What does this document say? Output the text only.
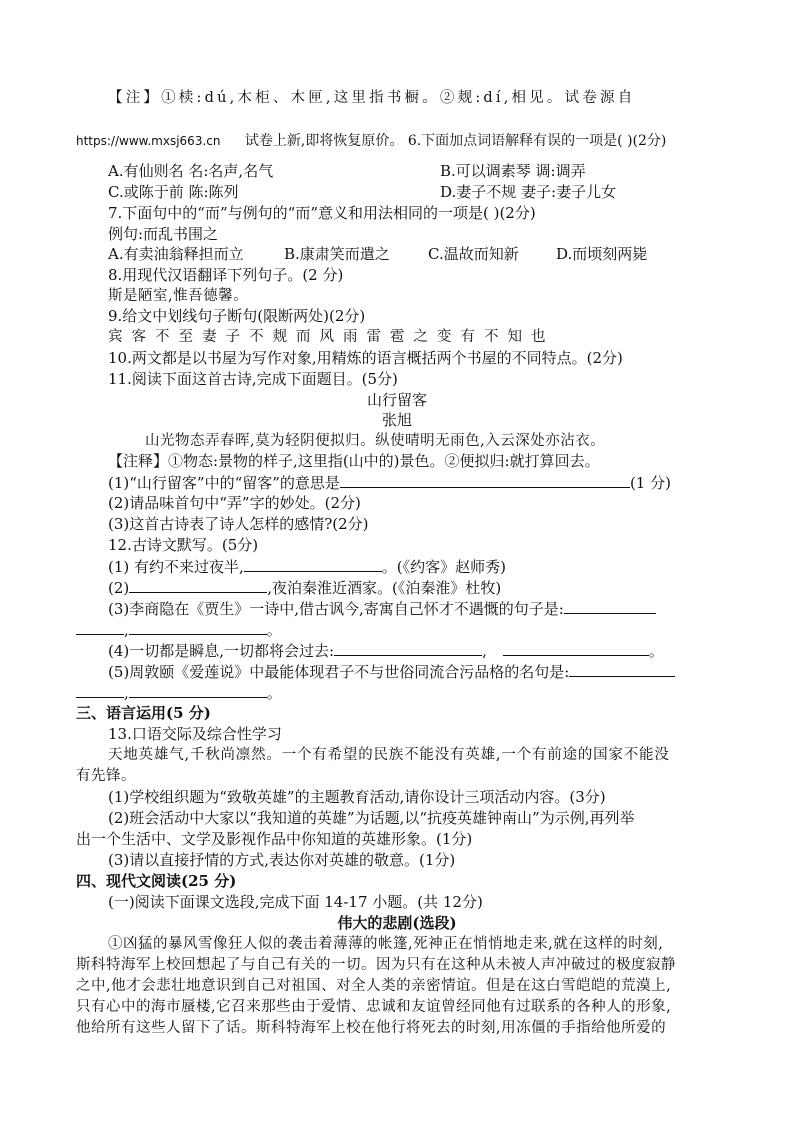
【注】①椟:dú,木柜、木匣,这里指书橱。②觌:dí,相见。试卷源自
https://www.mxsj663.cn 试卷上新,即将恢复原价。 6.下面加点词语解释有误的一项是( )(2分)
A.有仙则名 名:名声,名气	B.可以调素琴 调:调弄
C.或陈于前 陈:陈列	D.妻子不规 妻子:妻子儿女
7.下面句中的“而”与例句的“而”意义和用法相同的一项是( )(2分)
例句:而乱书围之
A.有卖油翁释担而立	B.康肃笑而遣之	C.温故而知新 D.而顷刻两毙
8.用现代汉语翻译下列句子。(2 分)
斯是陋室,惟吾德馨。
9.给文中划线句子断句(限断两处)(2分)
宾客不至妻子不觌而风雨雷雹之变有不知也
10.两文都是以书屋为写作对象,用精炼的语言概括两个书屋的不同特点。(2分)
11.阅读下面这首古诗,完成下面题目。(5分)
山行留客
张旭
山光物态弄春晖,莫为轻阴便拟归。纵使晴明无雨色,入云深处亦沾衣。
【注释】①物态:景物的样子,这里指(山中的)景色。②便拟归:就打算回去。
(1)“山行留客”中的“留客”的意思是	(1 分)
(2)请品味首句中“弄”字的妙处。(2分)
(3)这首古诗表了诗人怎样的感情?(2分)
12.古诗文默写。(5分)
(1) 有约不来过夜半,	。(《约客》赵师秀)
(2)	,夜泊秦淮近酒家。(《泊秦淮》杜牧)
(3)李商隐在《贾生》一诗中,借古讽今,寄寓自己怀才不遇慨的句子是:
,	。
(4)一切都是瞬息,一切都将会过去:	,	。
(5)周敦颐《爱莲说》中最能体现君子不与世俗同流合污品格的名句是:
,	。
三、语言运用(5 分)
13.口语交际及综合性学习
天地英雄气,千秋尚凛然。一个有希望的民族不能没有英雄,一个有前途的国家不能没
有先锋。
(1)学校组织题为“致敬英雄”的主题教育活动,请你设计三项活动内容。(3分)
(2)班会活动中大家以“我知道的英雄”为话题,以“抗疫英雄钟南山”为示例,再列举
出一个生活中、文学及影视作品中你知道的英雄形象。(1分)
(3)请以直接抒情的方式,表达你对英雄的敬意。(1分)
四、现代文阅读(25 分)
(一)阅读下面课文选段,完成下面 14-17 小题。(共 12分)
伟大的悲剧(选段)
①凶猛的暴风雪像狂人似的袭击着薄薄的帐篷,死神正在悄悄地走来,就在这样的时刻,
斯科特海军上校回想起了与自己有关的一切。因为只有在这种从未被人声冲破过的极度寂静
之中,他才会悲壮地意识到自己对祖国、对全人类的亲密情谊。但是在这白雪皑皑的荒漠上,
只有心中的海市蜃楼,它召来那些由于爱情、忠诚和友谊曾经同他有过联系的各种人的形象,
他给所有这些人留下了话。斯科特海军上校在他行将死去的时刻,用冻僵的手指给他所爱的
